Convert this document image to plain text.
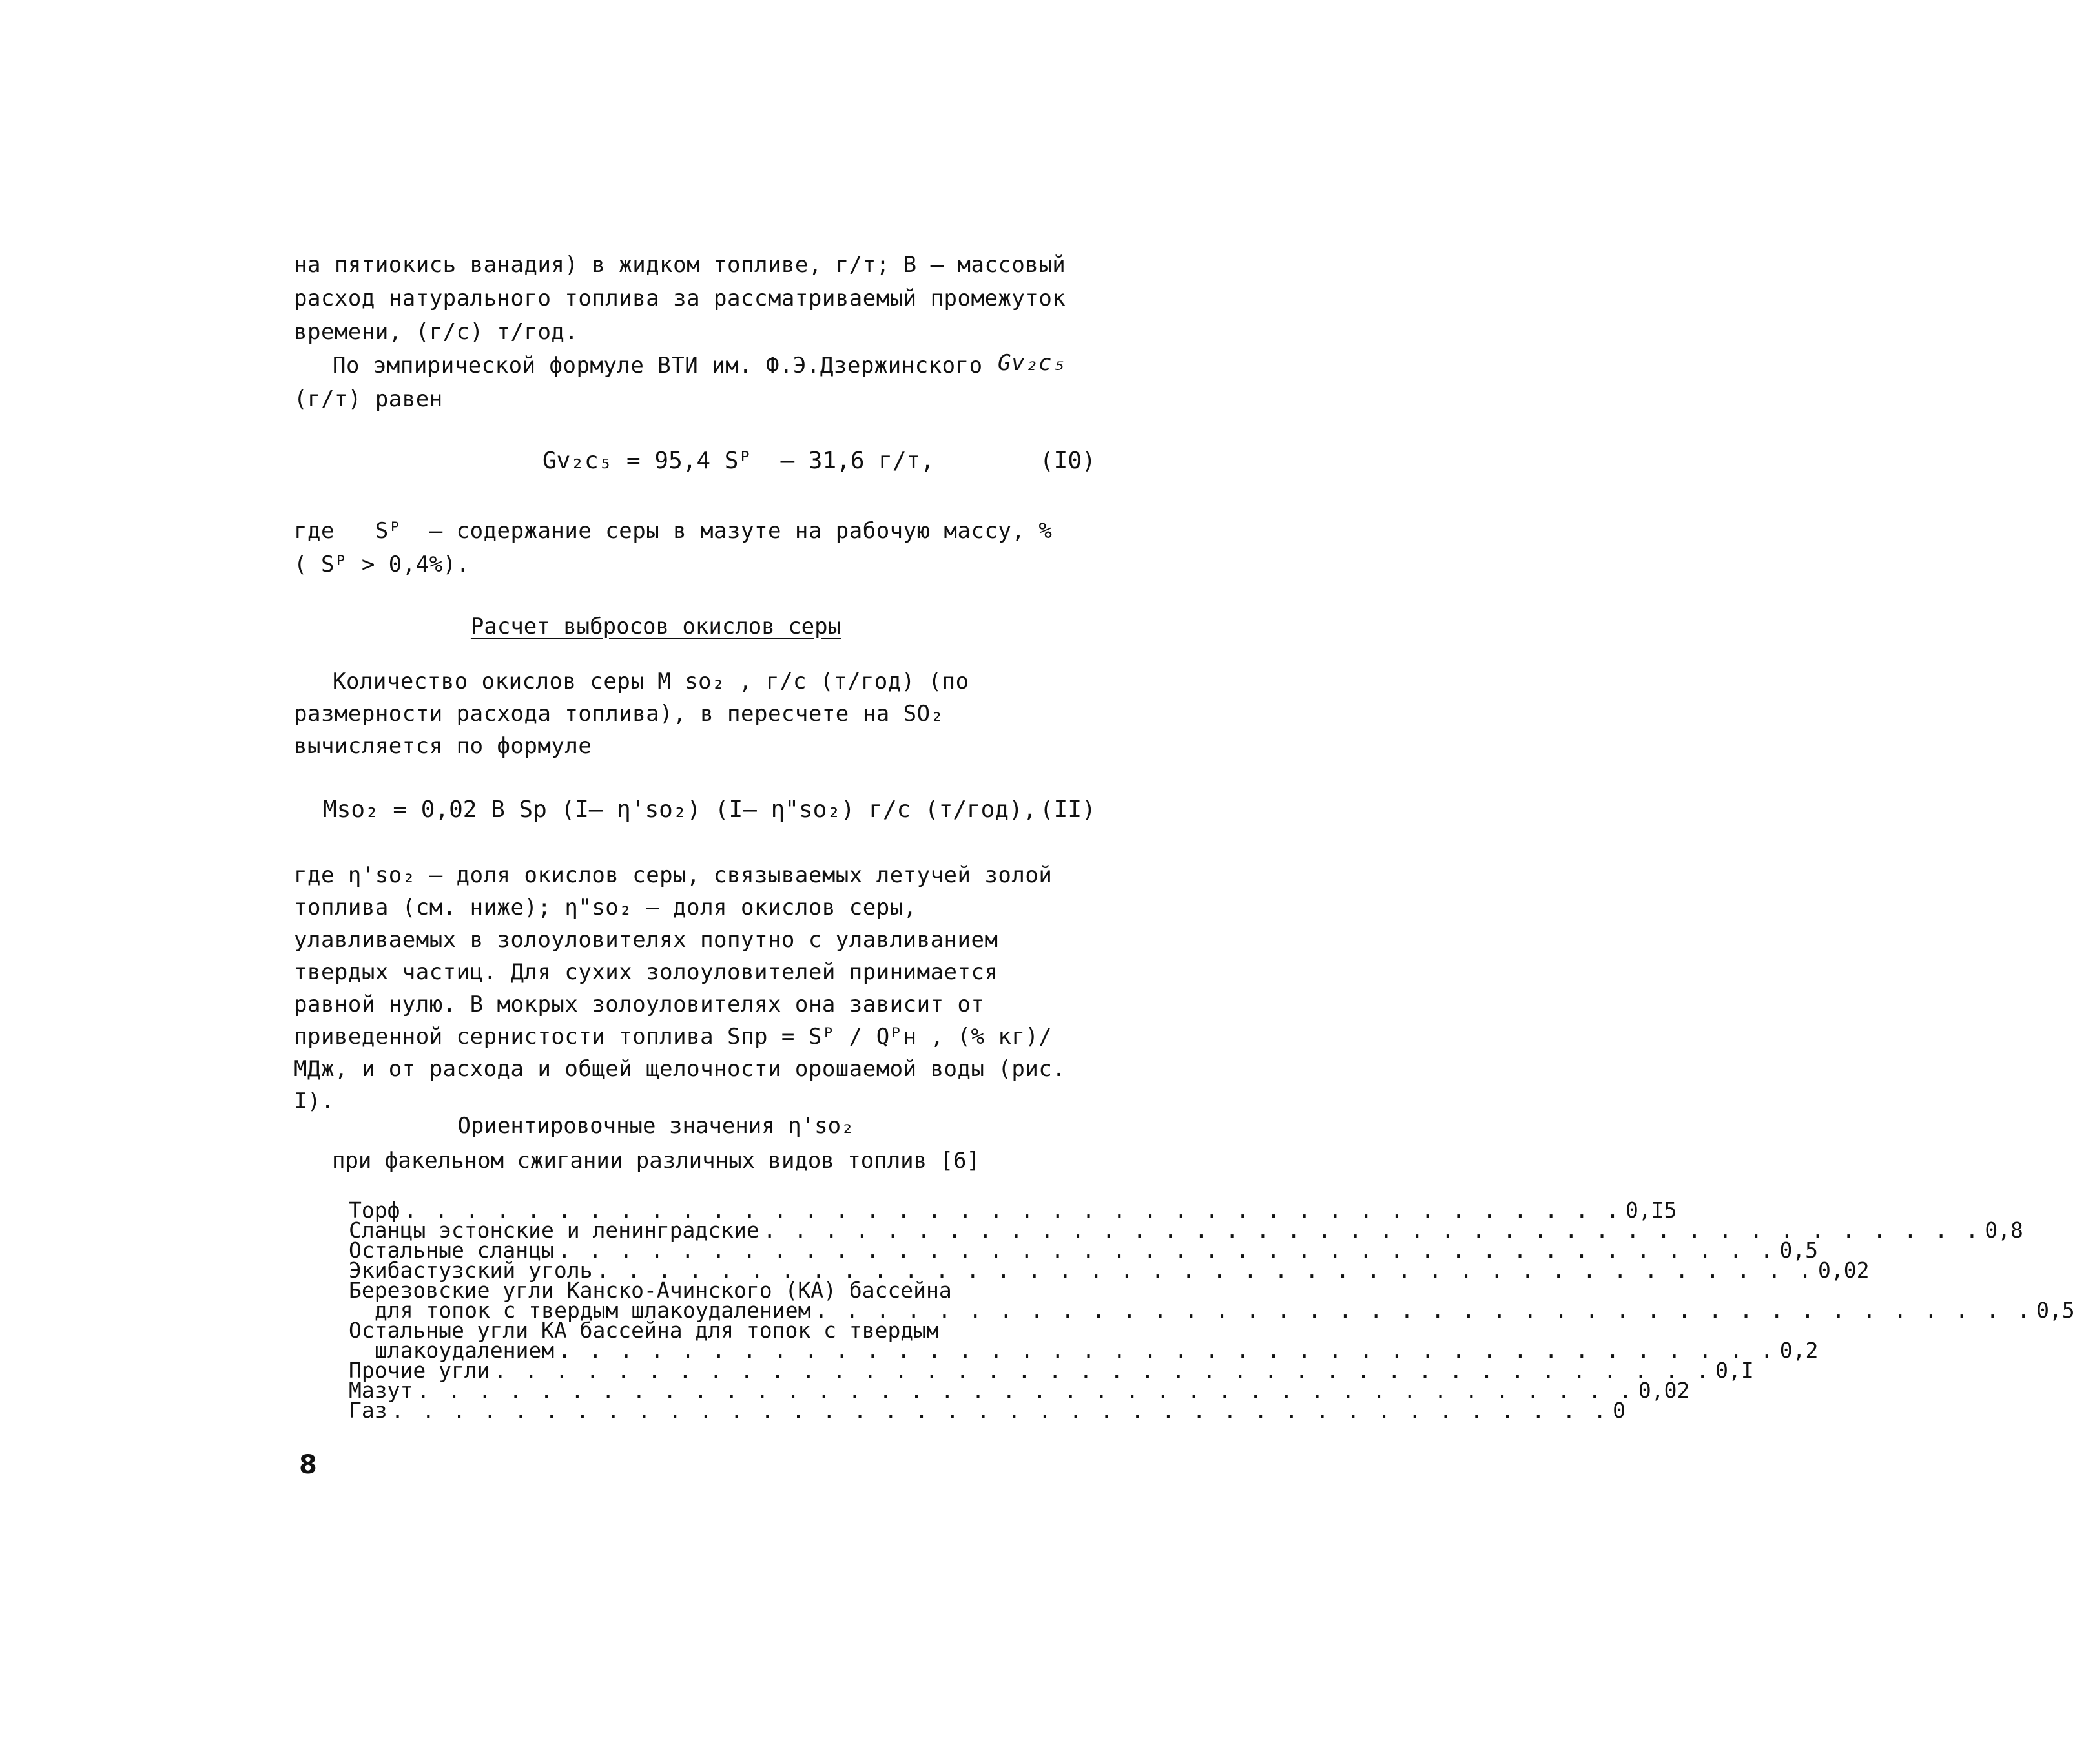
на пятиокись ванадия) в жидком топливе, г/т; В – массовый
расход натурального топлива за рассматриваемый промежуток
времени, (г/с) т/год.
По эмпирической формуле ВТИ им. Ф.Э.Дзержинского Gv₂c₅
(г/т) равен
Gv₂c₅ = 95,4 Sᴾ  – 31,6 г/т,	(I0)
где   Sᴾ  – содержание серы в мазуте на рабочую массу, %
( Sᴾ > 0,4%).
Расчет выбросов окислов серы
Количество окислов серы M so₂ , г/с (т/год) (по размерности расхода топлива), в пересчете на SO₂ вычисляется по формуле
Mso₂ = 0,02 B Sp (I– η'so₂) (I– η"so₂) г/с (т/год), (II)
где η'so₂ – доля окислов серы, связываемых летучей золой топлива (см. ниже); η"so₂ – доля окислов серы, улавливаемых в золоуловителях попутно с улавливанием твердых частиц. Для сухих золоуловителей принимается равной нулю. В мокрых золоуловителях она зависит от приведенной сернистости топлива Sпр = Sᴾ / Qᴾн , (% кг)/МДж, и от расхода и общей щелочности орошаемой воды (рис. I).
Ориентировочные значения η'so₂
при факельном сжигании различных видов топлив [6]
Торф . . . . . . . . . . . . . . . . . . . . . . . . . . . . . . . . . . . . . . . . 0,I5
Сланцы эстонские и ленинградские . . . . . . . . . . . . . . . . . . . . . . . . . . . . . . . . . . . . . . . . 0,8
Остальные сланцы . . . . . . . . . . . . . . . . . . . . . . . . . . . . . . . . . . . . . . . . 0,5
Экибастузский уголь . . . . . . . . . . . . . . . . . . . . . . . . . . . . . . . . . . . . . . . . 0,02
Березовские угли Канско-Ачинского (КА) бассейна
для топок с твердым шлакоудалением . . . . . . . . . . . . . . . . . . . . . . . . . . . . . . . . . . . . . . . . 0,5
Остальные угли КА бассейна для топок с твердым
шлакоудалением . . . . . . . . . . . . . . . . . . . . . . . . . . . . . . . . . . . . . . . . 0,2
Прочие угли . . . . . . . . . . . . . . . . . . . . . . . . . . . . . . . . . . . . . . . . 0,I
Мазут . . . . . . . . . . . . . . . . . . . . . . . . . . . . . . . . . . . . . . . . 0,02
Газ . . . . . . . . . . . . . . . . . . . . . . . . . . . . . . . . . . . . . . . . 0
8
